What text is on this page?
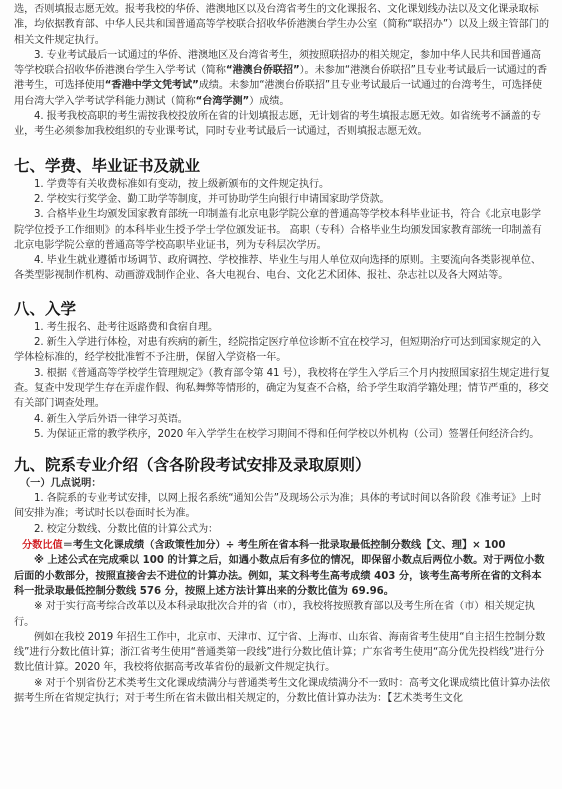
选，否则填报志愿无效。报考我校的华侨、港澳地区以及台湾省考生的文化课报名、文化课划线办法以及文化课录取标准，均依据教育部、中华人民共和国普通高等学校联合招收华侨港澳台学生办公室（简称“联招办”）以及上级主管部门的相关文件规定执行。

3. 专业考试最后一试通过的华侨、港澳地区及台湾省考生，须按照联招办的相关规定，参加中华人民共和国普通高等学校联合招收华侨港澳台学生入学考试（简称“港澳台侨联招”）。未参加“港澳台侨联招”且专业考试最后一试通过的香港考生，可选择使用“香港中学文凭考试”成绩。未参加“港澳台侨联招”且专业考试最后一试通过的台湾考生，可选择使用台湾大学入学考试学科能力测试（简称“台湾学测”）成绩。

4. 报考我校高职的考生需按我校投放所在省的计划填报志愿，无计划省的考生填报志愿无效。如省统考不涵盖的专业，考生必须参加我校组织的专业课考试，同时专业考试最后一试通过，否则填报志愿无效。

七、学费、毕业证书及就业

1. 学费等有关收费标准如有变动，按上级新颁布的文件规定执行。

2. 学校实行奖学金、勤工助学等制度，并可协助学生向银行申请国家助学贷款。

3. 合格毕业生均颁发国家教育部统一印制盖有北京电影学院公章的普通高等学校本科毕业证书，符合《北京电影学院学位授予工作细则》的本科毕业生授予学士学位颁发证书。 高职（专科）合格毕业生均颁发国家教育部统一印制盖有北京电影学院公章的普通高等学校高职毕业证书，列为专科层次学历。

4. 毕业生就业遵循市场调节、政府调控、学校推荐、毕业生与用人单位双向选择的原则。主要流向各类影视单位、各类型影视制作机构、动画游戏制作企业、各大电视台、电台、文化艺术团体、报社、杂志社以及各大网站等。

八、入学

1. 考生报名、赴考往返路费和食宿自理。

2. 新生入学进行体检，对患有疾病的新生，经院指定医疗单位诊断不宜在校学习，但短期治疗可达到国家规定的入学体检标准的，经学校批准暂不予注册，保留入学资格一年。

3. 根据《普通高等学校学生管理规定》（教育部令第 41 号），我校将在学生入学后三个月内按照国家招生规定进行复查。复查中发现学生存在弄虚作假、徇私舞弊等情形的，确定为复查不合格，给予学生取消学籍处理；情节严重的，移交有关部门调查处理。

4. 新生入学后外语一律学习英语。

5. 为保证正常的教学秩序，2020 年入学学生在校学习期间不得和任何学校以外机构（公司）签署任何经济合约。

九、院系专业介绍（含各阶段考试安排及录取原则）

（一）几点说明：

1. 各院系的专业考试安排，以网上报名系统“通知公告”及现场公示为准；具体的考试时间以各阶段《准考证》上时间安排为准；考试时长以卷面时长为准。

2. 校定分数线、分数比值的计算公式为：

分数比值＝考生文化课成绩（含政策性加分）÷ 考生所在省本科一批录取最低控制分数线【文、理】× 100

※ 上述公式在完成乘以 100 的计算之后，如遇小数点后有多位的情况，即保留小数点后两位小数。对于两位小数后面的小数部分，按照直接舍去不进位的计算办法。例如，某文科考生高考成绩 403 分，该考生高考所在省的文科本科一批录取最低控制分数线 576 分，按照上述方法计算出来的分数比值为 69.96。

※ 对于实行高考综合改革以及本科录取批次合并的省（市），我校将按照教育部以及考生所在省（市）相关规定执行。

例如在我校 2019 年招生工作中，北京市、天津市、辽宁省、上海市、山东省、海南省考生使用“自主招生控制分数线”进行分数比值计算；浙江省考生使用“普通类第一段线”进行分数比值计算；广东省考生使用“高分优先投档线”进行分数比值计算。2020 年，我校将依据高考改革省份的最新文件规定执行。

※ 对于个别省份艺术类考生文化课成绩满分与普通类考生文化课成绩满分不一致时：高考文化课成绩比值计算办法依据考生所在省规定执行；对于考生所在省未做出相关规定的，分数比值计算办法为：【艺术类考生文化
